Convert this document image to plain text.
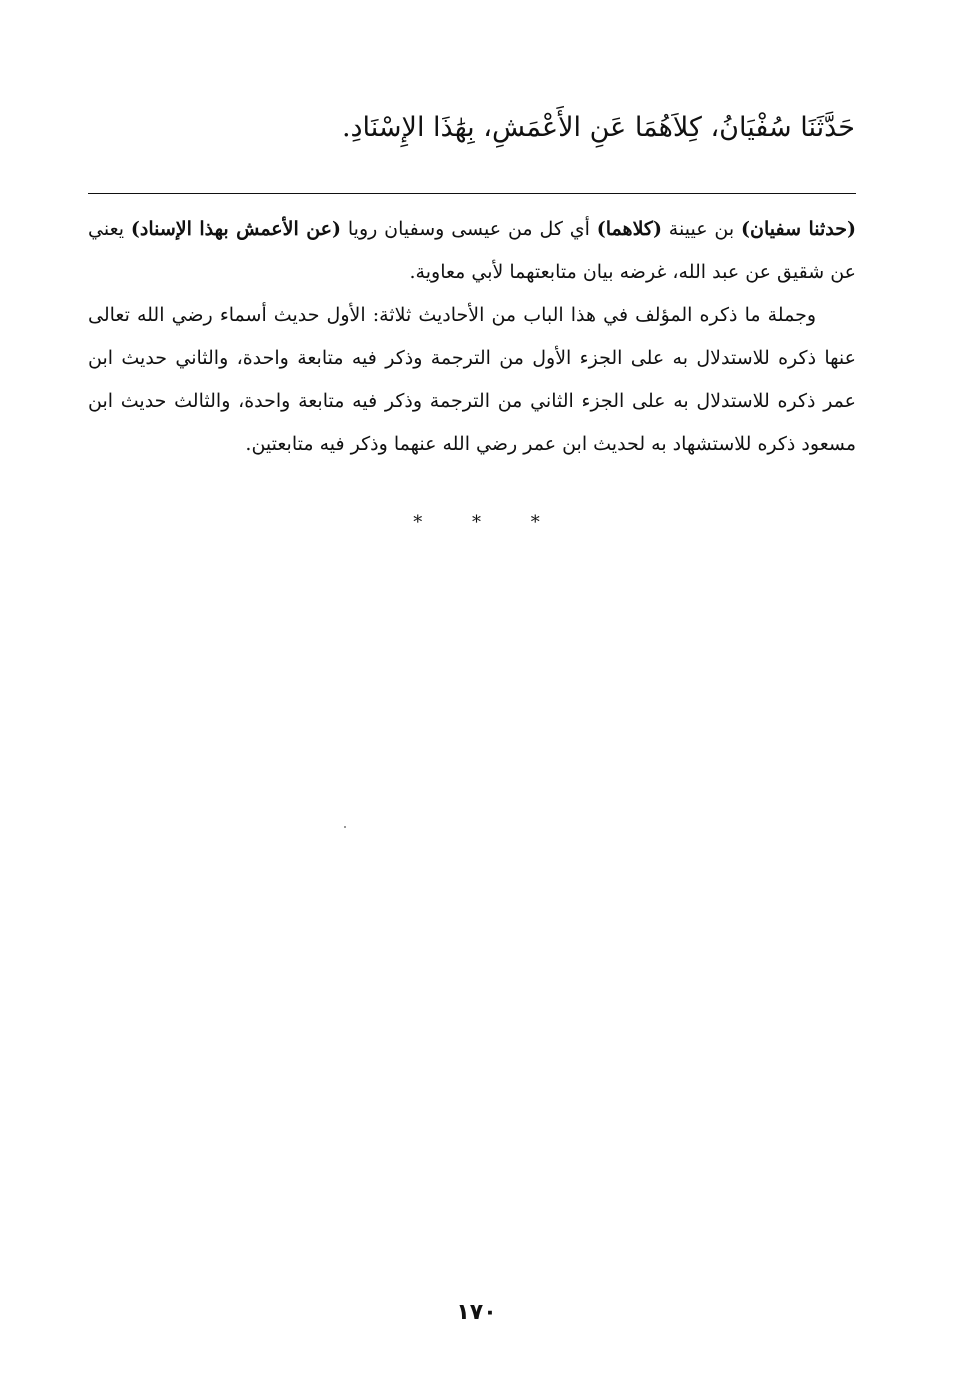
حَدَّثَنَا سُفْيَانُ، كِلاَهُمَا عَنِ الأَعْمَشِ، بِهَٰذَا الإِسْنَادِ.

(حدثنا سفيان) بن عيينة (كلاهما) أي كل من عيسى وسفيان رويا (عن الأعمش بهذا الإسناد) يعني عن شقيق عن عبد الله، غرضه بيان متابعتهما لأبي معاوية.

وجملة ما ذكره المؤلف في هذا الباب من الأحاديث ثلاثة: الأول حديث أسماء رضي الله تعالى عنها ذكره للاستدلال به على الجزء الأول من الترجمة وذكر فيه متابعة واحدة، والثاني حديث ابن عمر ذكره للاستدلال به على الجزء الثاني من الترجمة وذكر فيه متابعة واحدة، والثالث حديث ابن مسعود ذكره للاستشهاد به لحديث ابن عمر رضي الله عنهما وذكر فيه متابعتين.

* * *
١٧٠
